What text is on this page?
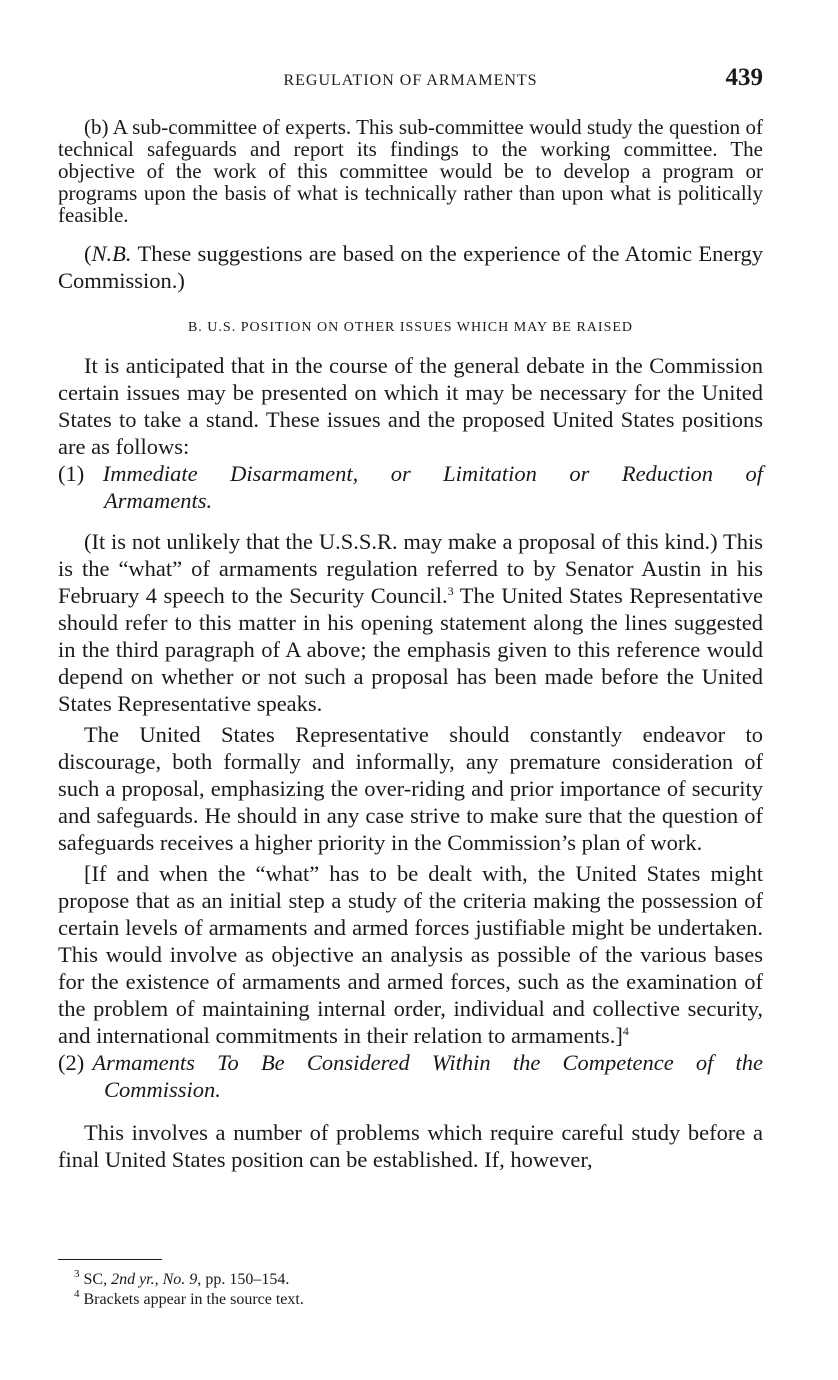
REGULATION OF ARMAMENTS	439

(b) A sub-committee of experts. This sub-committee would study the question of technical safeguards and report its findings to the working committee. The objective of the work of this committee would be to develop a program or programs upon the basis of what is technically rather than upon what is politically feasible.

(N.B. These suggestions are based on the experience of the Atomic Energy Commission.)

B. U.S. POSITION ON OTHER ISSUES WHICH MAY BE RAISED

It is anticipated that in the course of the general debate in the Commission certain issues may be presented on which it may be necessary for the United States to take a stand. These issues and the proposed United States positions are as follows:

(1) Immediate Disarmament, or Limitation or Reduction of Armaments.

(It is not unlikely that the U.S.S.R. may make a proposal of this kind.) This is the “what” of armaments regulation referred to by Senator Austin in his February 4 speech to the Security Council.$^3$ The United States Representative should refer to this matter in his opening statement along the lines suggested in the third paragraph of A above; the emphasis given to this reference would depend on whether or not such a proposal has been made before the United States Representative speaks.

The United States Representative should constantly endeavor to discourage, both formally and informally, any premature consideration of such a proposal, emphasizing the over-riding and prior importance of security and safeguards. He should in any case strive to make sure that the question of safeguards receives a higher priority in the Commission’s plan of work.

[If and when the “what” has to be dealt with, the United States might propose that as an initial step a study of the criteria making the possession of certain levels of armaments and armed forces justifiable might be undertaken. This would involve as objective an analysis as possible of the various bases for the existence of armaments and armed forces, such as the examination of the problem of maintaining internal order, individual and collective security, and international commitments in their relation to armaments.]$^4$

(2) Armaments To Be Considered Within the Competence of the Commission.

This involves a number of problems which require careful study before a final United States position can be established. If, however,

$^3$ SC, 2nd yr., No. 9, pp. 150–154.

$^4$ Brackets appear in the source text.
